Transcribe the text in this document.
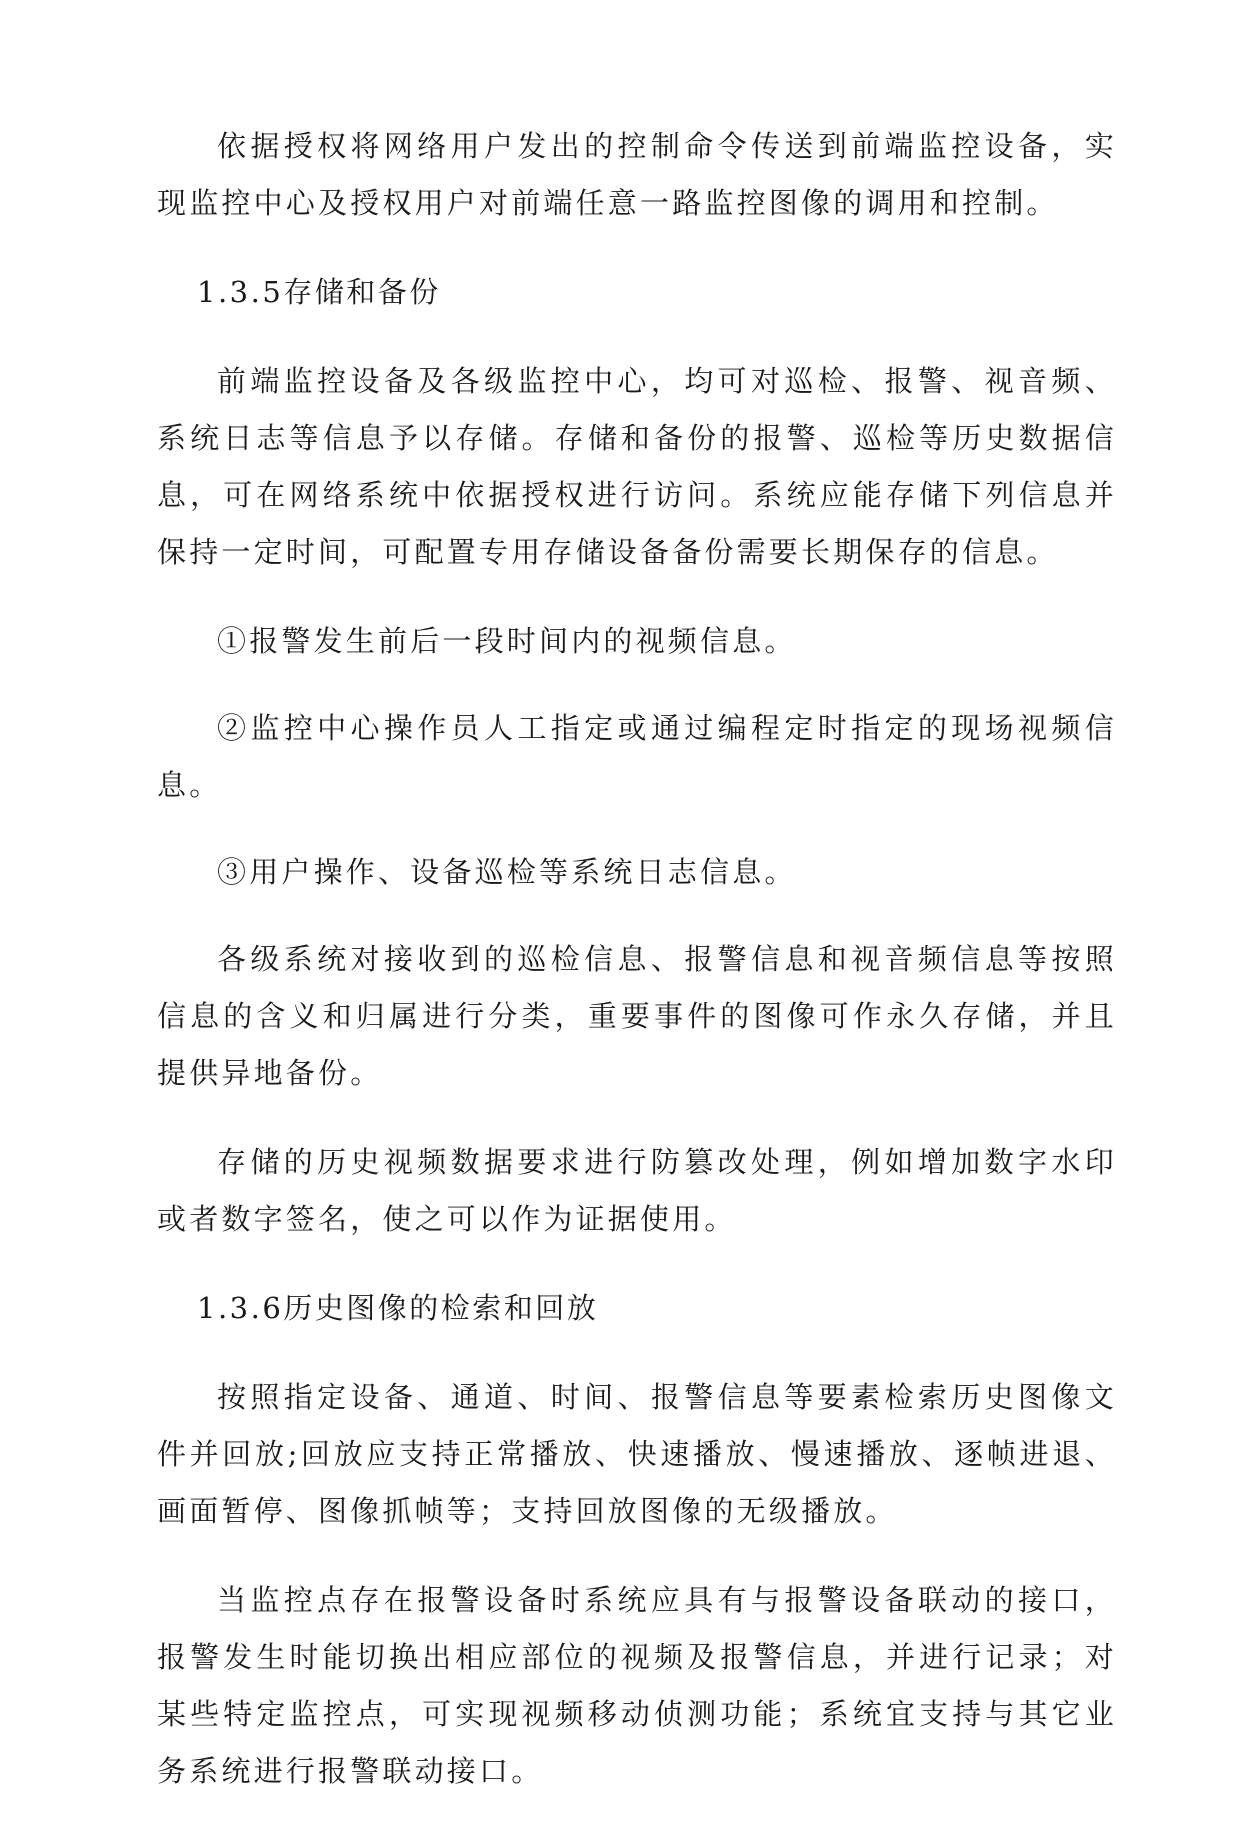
依据授权将网络用户发出的控制命令传送到前端监控设备，实现监控中心及授权用户对前端任意一路监控图像的调用和控制。

1.3.5存储和备份

前端监控设备及各级监控中心，均可对巡检、报警、视音频、系统日志等信息予以存储。存储和备份的报警、巡检等历史数据信息，可在网络系统中依据授权进行访问。系统应能存储下列信息并保持一定时间，可配置专用存储设备备份需要长期保存的信息。

①报警发生前后一段时间内的视频信息。

②监控中心操作员人工指定或通过编程定时指定的现场视频信息。

③用户操作、设备巡检等系统日志信息。

各级系统对接收到的巡检信息、报警信息和视音频信息等按照信息的含义和归属进行分类，重要事件的图像可作永久存储，并且提供异地备份。

存储的历史视频数据要求进行防篡改处理，例如增加数字水印或者数字签名，使之可以作为证据使用。

1.3.6历史图像的检索和回放

按照指定设备、通道、时间、报警信息等要素检索历史图像文件并回放;回放应支持正常播放、快速播放、慢速播放、逐帧进退、画面暂停、图像抓帧等；支持回放图像的无级播放。

当监控点存在报警设备时系统应具有与报警设备联动的接口，报警发生时能切换出相应部位的视频及报警信息，并进行记录；对某些特定监控点，可实现视频移动侦测功能；系统宜支持与其它业务系统进行报警联动接口。
